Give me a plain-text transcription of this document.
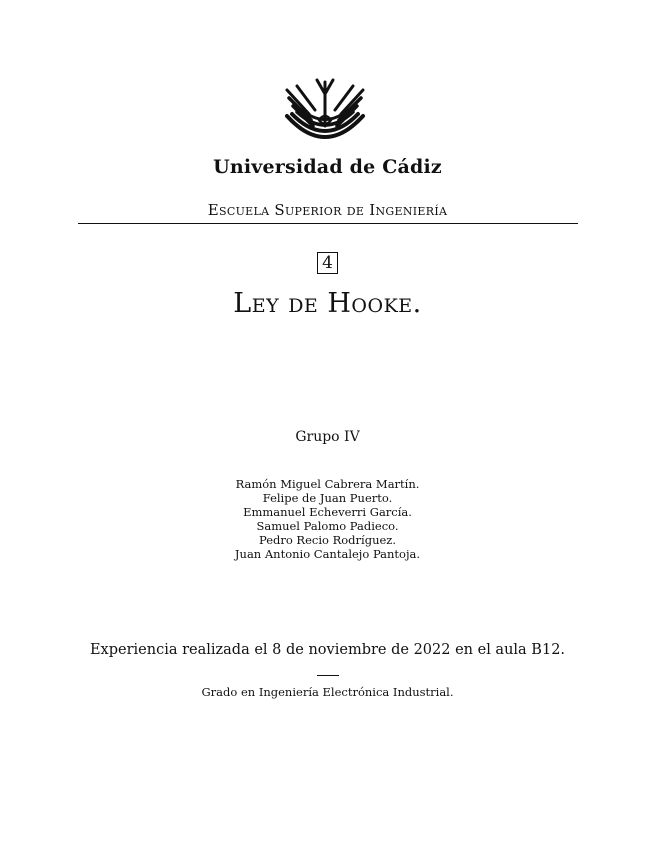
Universidad de Cádiz
Escuela Superior de Ingeniería
4
Ley de Hooke.
Grupo IV
Ramón Miguel Cabrera Martín.
Felipe de Juan Puerto.
Emmanuel Echeverri García.
Samuel Palomo Padieco.
Pedro Recio Rodríguez.
Juan Antonio Cantalejo Pantoja.
Experiencia realizada el 8 de noviembre de 2022 en el aula B12.
Grado en Ingeniería Electrónica Industrial.
